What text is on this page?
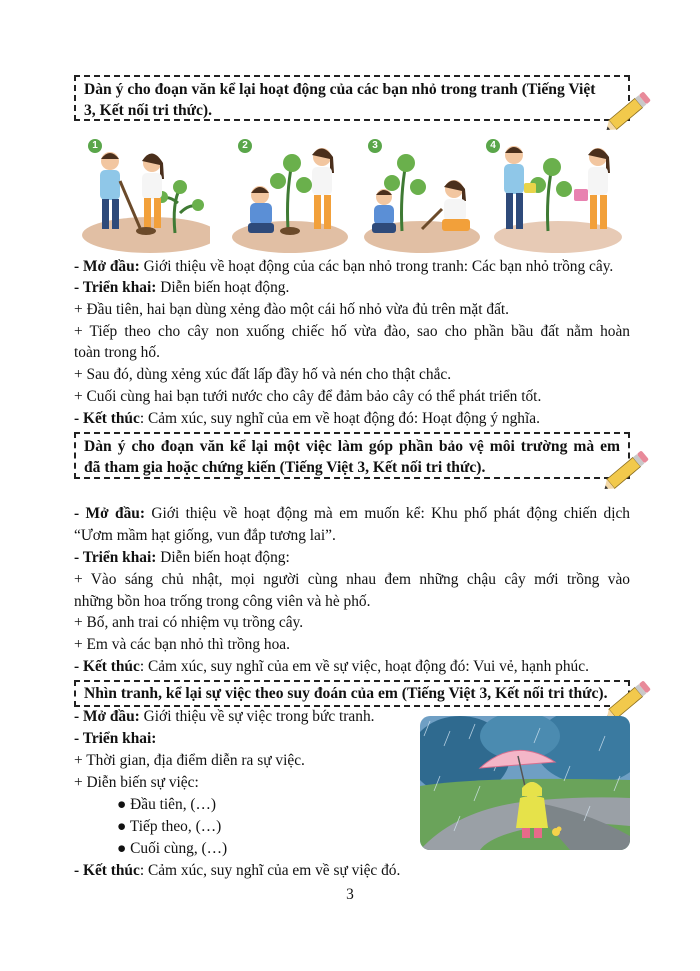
Dàn ý cho đoạn văn kể lại hoạt động của các bạn nhỏ trong tranh (Tiếng Việt
3, Kết nối tri thức).
1	2	3	4
- Mở đầu: Giới thiệu về hoạt động của các bạn nhỏ trong tranh: Các bạn nhỏ trồng cây.
- Triển khai: Diễn biến hoạt động.
+ Đầu tiên, hai bạn dùng xẻng đào một cái hố nhỏ vừa đủ trên mặt đất.
+ Tiếp theo cho cây non xuống chiếc hố vừa đào, sao cho phần bầu đất nằm hoàn
toàn trong hố.
+ Sau đó, dùng xẻng xúc đất lấp đầy hố và nén cho thật chắc.
+ Cuối cùng hai bạn tưới nước cho cây để đảm bảo cây có thể phát triển tốt.
- Kết thúc: Cảm xúc, suy nghĩ của em về hoạt động đó: Hoạt động ý nghĩa.
Dàn ý cho đoạn văn kể lại một việc làm góp phần bảo vệ môi trường mà em
đã tham gia hoặc chứng kiến (Tiếng Việt 3, Kết nối tri thức).
- Mở đầu: Giới thiệu về hoạt động mà em muốn kể: Khu phố phát động chiến dịch
“Ươm mầm hạt giống, vun đắp tương lai”.
- Triển khai: Diễn biến hoạt động:
+ Vào sáng chủ nhật, mọi người cùng nhau đem những chậu cây mới trồng vào
những bồn hoa trống trong công viên và hè phố.
+ Bố, anh trai có nhiệm vụ trồng cây.
+ Em và các bạn nhỏ thì trồng hoa.
- Kết thúc: Cảm xúc, suy nghĩ của em về sự việc, hoạt động đó: Vui vẻ, hạnh phúc.
Nhìn tranh, kể lại sự việc theo suy đoán của em (Tiếng Việt 3, Kết nối tri thức).
- Mở đầu: Giới thiệu về sự việc trong bức tranh.
- Triển khai:
+ Thời gian, địa điểm diễn ra sự việc.
+ Diễn biến sự việc:
● Đầu tiên, (…)
● Tiếp theo, (…)
● Cuối cùng, (…)
- Kết thúc: Cảm xúc, suy nghĩ của em về sự việc đó.
3
